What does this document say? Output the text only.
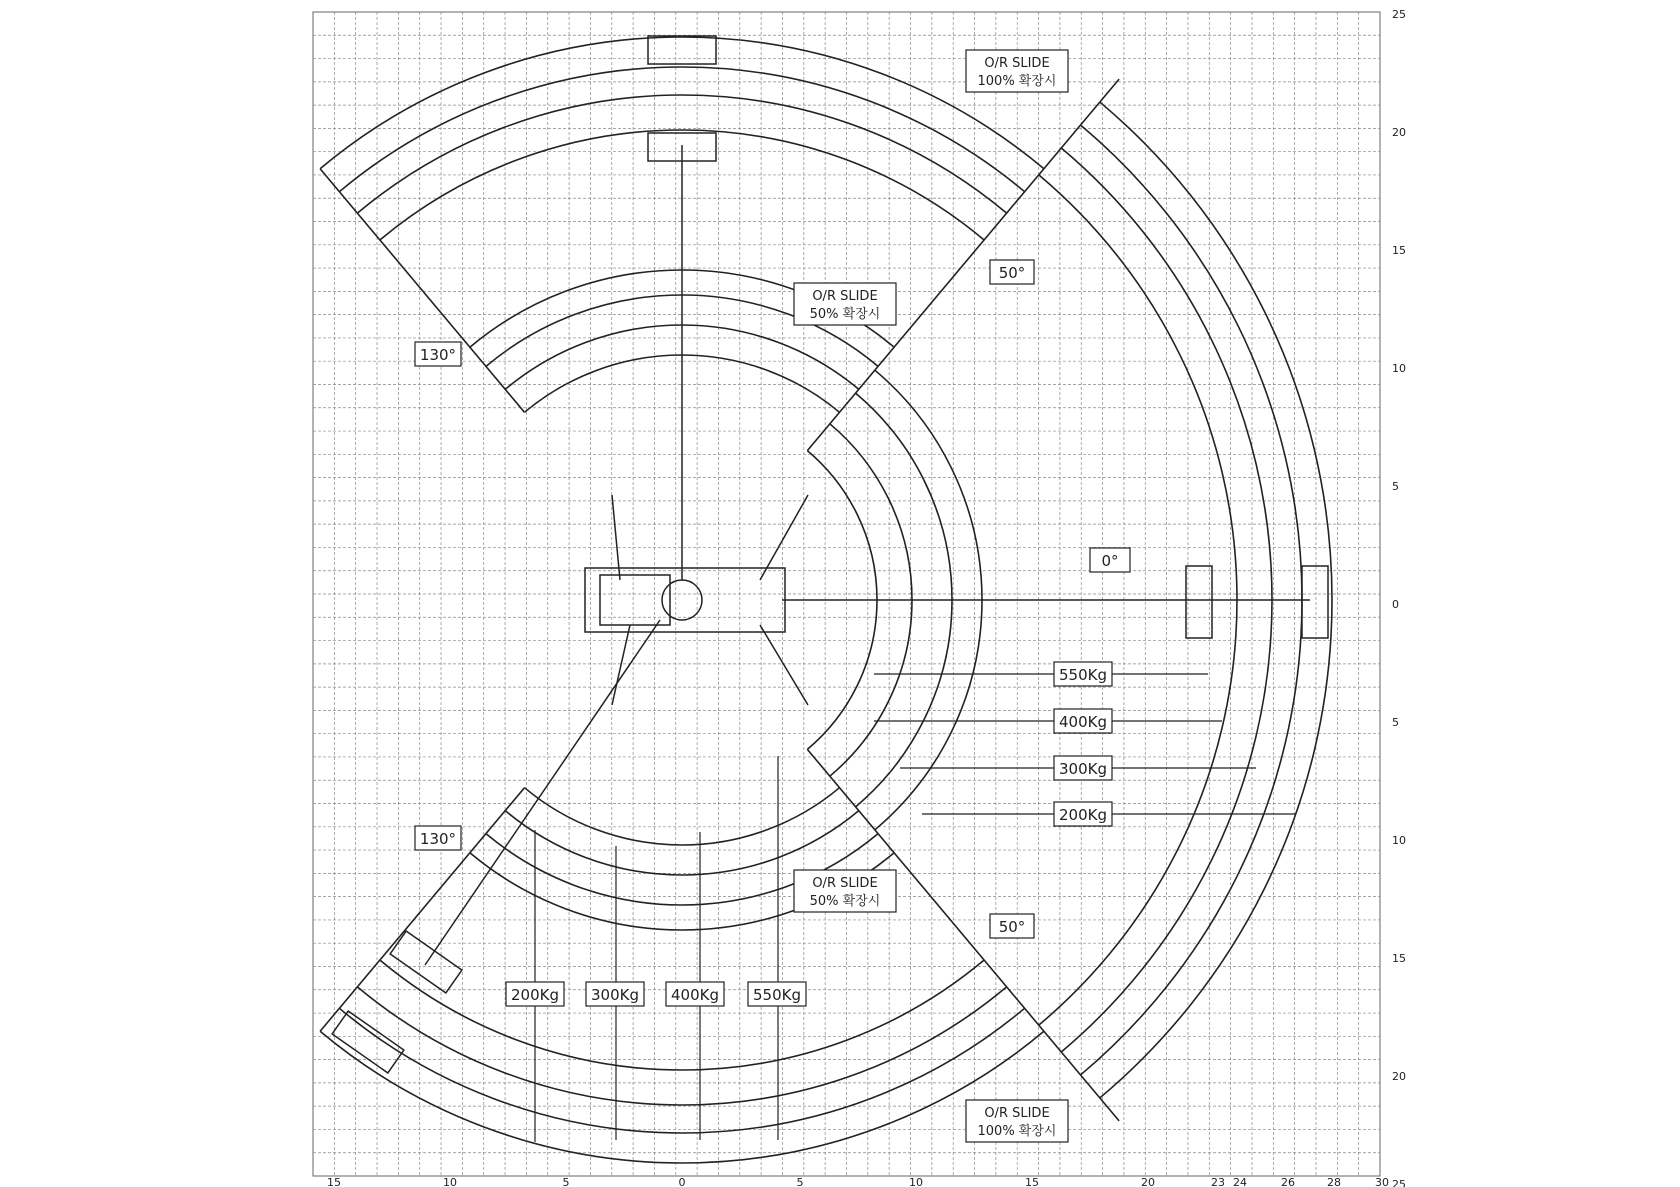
15	10	5	0	5	10	15	20	23 24	26	28	30
25
20
15
10
5
0
5
10
15
20
25
O/R SLIDE
100% 확장시
O/R SLIDE
50% 확장시
O/R SLIDE
50% 확장시
O/R SLIDE
100% 확장시
130°
50°
0°
130°
50°
550Kg
400Kg
300Kg
200Kg
200Kg 300Kg 400Kg 550Kg
